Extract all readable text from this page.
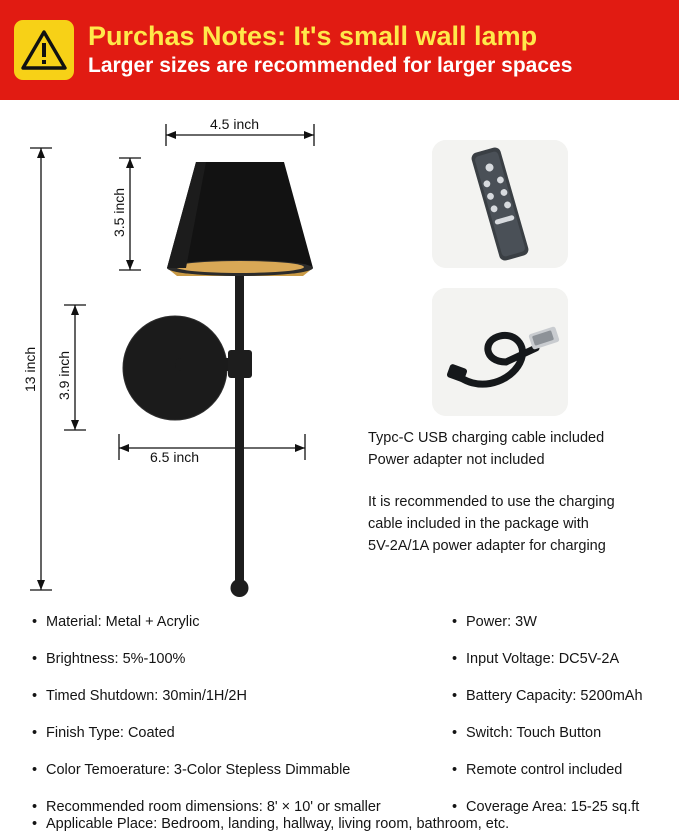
Purchas Notes: It's small wall lamp
Larger sizes are recommended for larger spaces
4.5 inch
3.5 inch
13 inch 3.9 inch
6.5 inch
Typc-C USB charging cable included
Power adapter not included
It is recommended to use the charging
cable included in the package with
5V-2A/1A power adapter for charging
• Material: Metal + Acrylic
• Brightness: 5%-100%
• Timed Shutdown: 30min/1H/2H
• Finish Type: Coated
• Color Temoerature: 3-Color Stepless Dimmable
• Recommended room dimensions: 8' × 10' or smaller
• Power: 3W
• Input Voltage: DC5V-2A
• Battery Capacity: 5200mAh
• Switch: Touch Button
• Remote control included
• Coverage Area: 15-25 sq.ft
• Applicable Place: Bedroom, landing, hallway, living room, bathroom, etc.
